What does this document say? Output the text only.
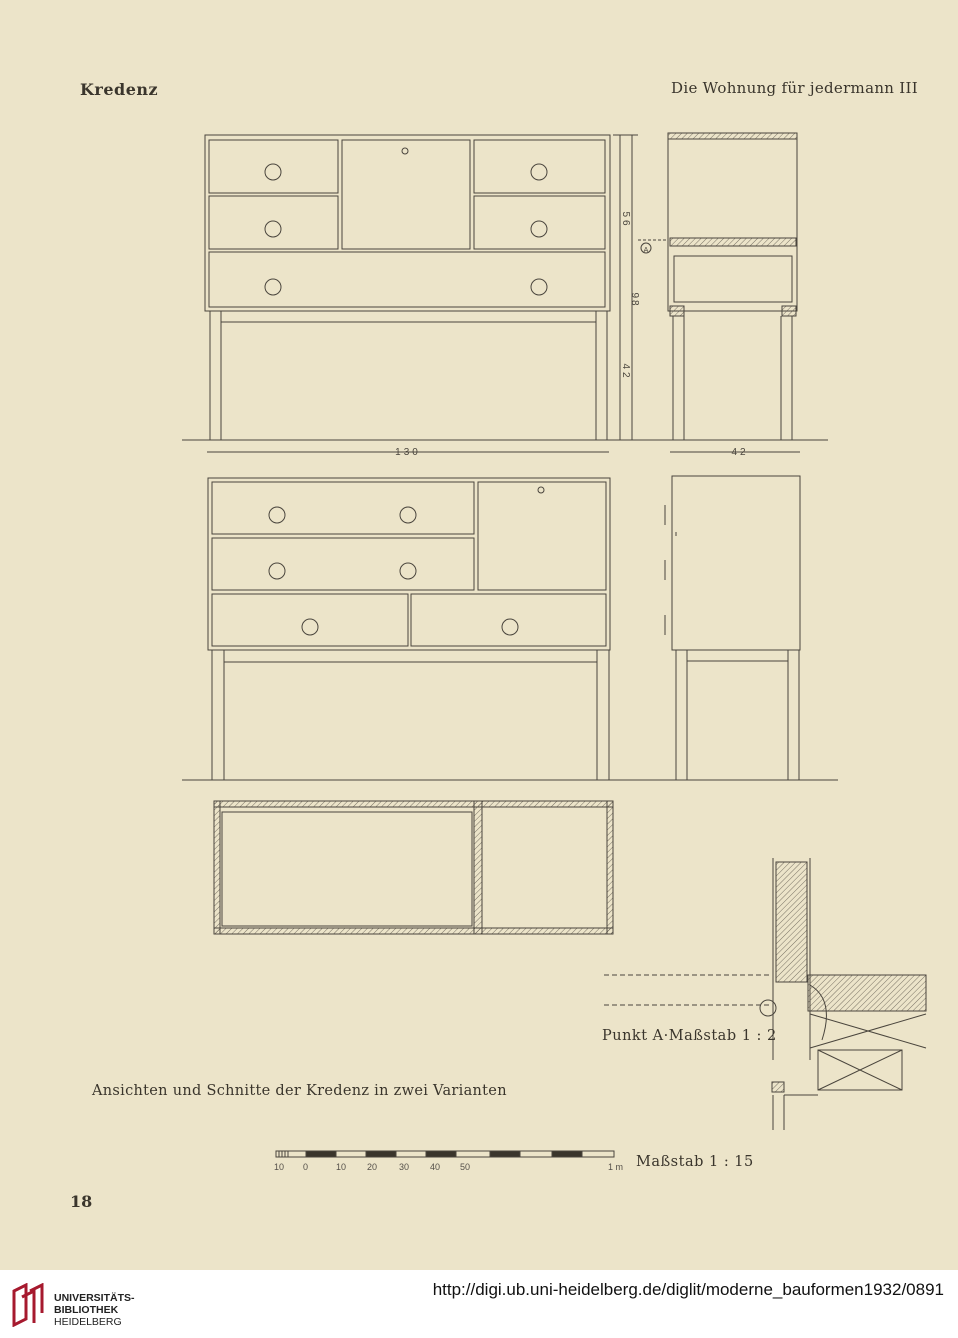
Kredenz	Die Wohnung für jedermann III
130
56
98
42
42
A
Ansichten und Schnitte der Kredenz in zwei Varianten
Punkt A·Maßstab 1 : 2
10 0	10 20 30 40 50	1 m Maßstab 1 : 15
18
UNIVERSITÄTS-
BIBLIOTHEK
HEIDELBERG
http://digi.ub.uni-heidelberg.de/diglit/moderne_bauformen1932/0891
